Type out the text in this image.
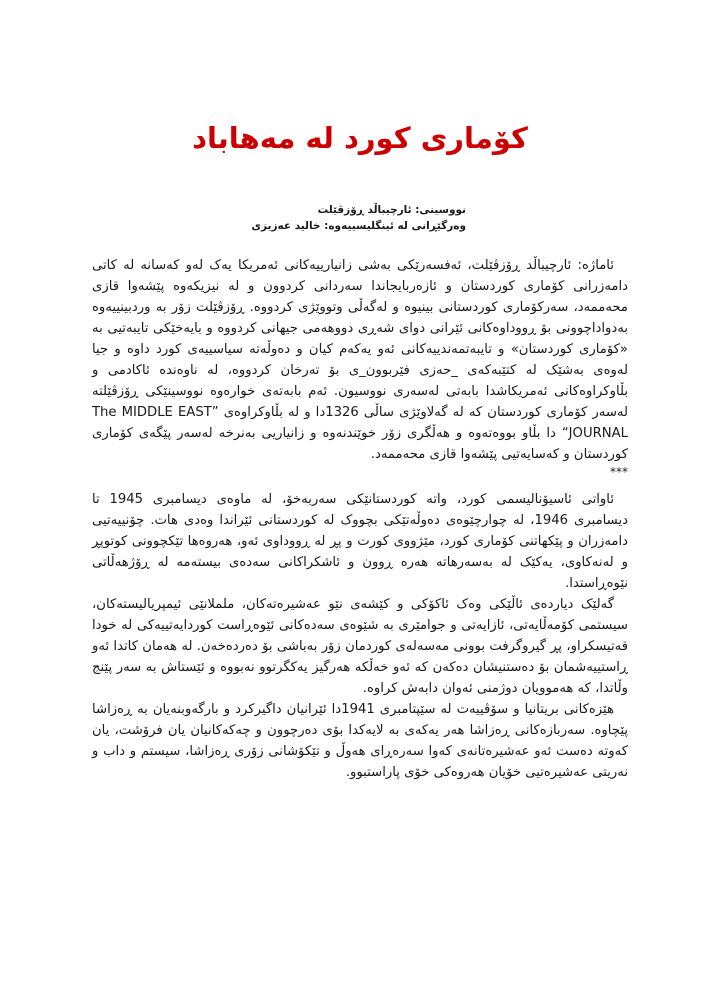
کۆماری کورد لە مەهاباد
نووسینی: ئارچیباڵد ڕۆزڤێلت
وەرگێڕانی لە ئینگلیسییەوە: خالید عەزیزی

ئاماژە: ئارچیباڵد ڕۆزڤێلت، ئەفسەرێکی بەشی زانیارییەکانی ئەمریکا یەک لەو کەسانە لە کاتی دامەزرانی کۆماری کوردستان و ئازەربایجاندا سەردانی کردوون و لە نیزیکەوە پێشەوا قازی محەممەد، سەرکۆماری کوردستانی بینیوە و لەگەڵی وتووێژی کردووە. ڕۆزڤێلت زۆر بە وردبینییەوە بەدواداچوونی بۆ ڕووداوەکانی ئێرانی دوای شەڕی دووهەمی جیهانی کردووە و بایەخێکی تایبەتیی بە «کۆماری کوردستان» و تایبەتمەندییەکانی ئەو یەکەم کیان و دەوڵەتە سیاسییەی کورد داوە و جیا لەوەی بەشێک لە کتێبەکەی _حەزی فێربوون_ی بۆ تەرخان کردووە، لە ناوەندە ئاکادمی و بڵاوکراوەکانی ئەمریکاشدا بابەتی لەسەری نووسیون. ئەم بابەتەی خوارەوە نووسینێکی ڕۆزڤێلتە لەسەر کۆماری کوردستان کە لە گەلاوێژی ساڵی 1326دا و لە بڵاوکراوەی ”The MIDDLE EAST JOURNAL“ دا بڵاو بووەتەوە و هەڵگری زۆر خوێندنەوە و زانیاریی بەنرخە لەسەر پێگەی کۆماری کوردستان و کەسایەتیی پێشەوا قازی محەممەد.

***

ئاواتی ئاسیۆنالیسمی کورد، واتە کوردستانێکی سەربەخۆ، لە ماوەی دیسامبری 1945 تا دیسامبری 1946، لە چوارچێوەی دەوڵەتێکی بچووک لە کوردستانی ئێراندا وەدی هات. چۆنییەتیی دامەزران و پێکهاتنی کۆماری کورد، مێژووی کورت و پڕ لە ڕووداوی ئەو، هەروەها تێکچوونی کوتوپڕ و لەنەکاوی، یەکێک لە بەسەرهاتە هەرە ڕوون و ئاشکراکانی سەدەی بیستەمە لە ڕۆژهەڵاتی نێوەڕاستدا.

گەلێک دیاردەی ئاڵێکی وەک ئاکۆکی و کێشەی نێو عەشیرەتەکان، ململانێی ئیمپریالیستەکان، سیستمی کۆمەڵایەتی، ئازایەتی و جوامێری بە شێوەی سەدەکانی ئێوەڕاست کوردایەتییەکی لە خودا قەتیسکراو، پڕ گیروگرفت بوونی مەسەلەی کوردمان زۆر بەباشی بۆ دەردەخەن. لە هەمان کاتدا ئەو ڕاستییەشمان بۆ دەستنیشان دەکەن کە ئەو خەڵکە هەرگیز یەکگرتوو نەبووە و ئێستاش بە سەر پێنج وڵاتدا، کە هەموویان دوژمنی ئەوان دابەش کراوە.

هێزەکانی بریتانیا و سۆڤییەت لە سێپتامبری 1941دا ئێرانیان داگیرکرد و بارگەوبنەیان بە ڕەزاشا پێچاوە. سەربازەکانی ڕەزاشا هەر یەکەی بە لایەکدا بۆی دەرچوون و چەکەکانیان یان فرۆشت، یان کەوتە دەست ئەو عەشیرەتانەی کەوا سەرەڕای هەوڵ و تێکۆشانی زۆری ڕەزاشا، سیستم و داب و نەریتی عەشیرەتیی خۆیان هەروەکی خۆی پاراستبوو.
